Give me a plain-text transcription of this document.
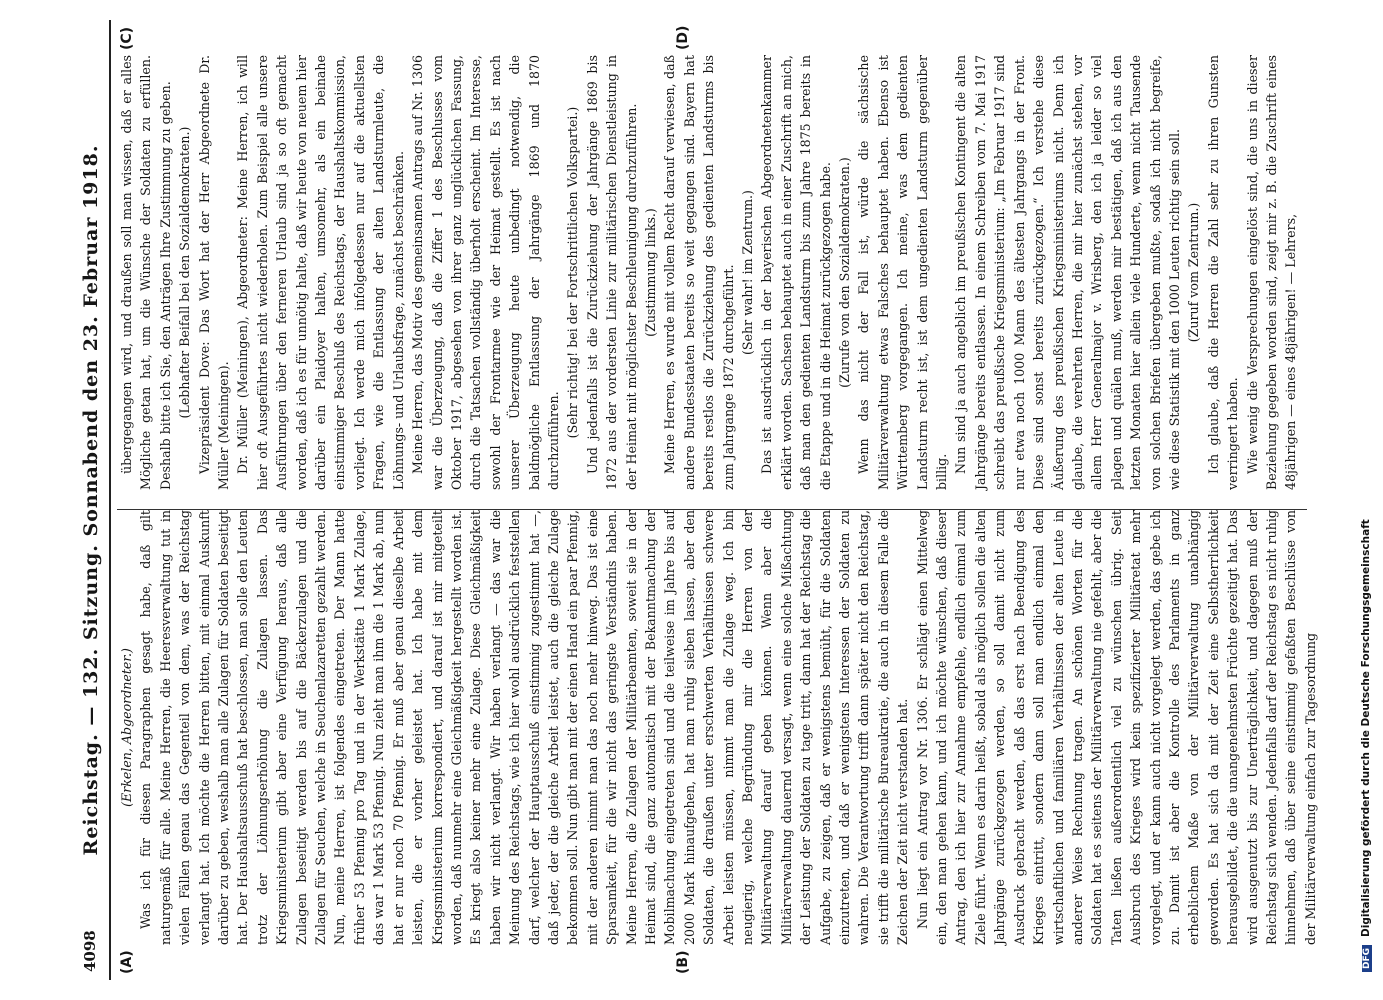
4098
Reichstag. — 132. Sitzung. Sonnabend den 23. Februar 1918.
(A)	(B)
(C)	(D)

(Erkelen, Abgeordneter.) Was ich für diesen Paragraphen gesagt habe, daß gilt naturgemäß für alle. Meine Herren, die Heeresverwaltung tut in vielen Fällen genau das Gegenteil von dem, was der Reichstag verlangt hat. Ich möchte die Herren bitten, mit einmal Auskunft darüber zu geben, weshalb man alle Zulagen für Soldaten beseitigt hat. Der Haushaltsausschuß hat beschlossen, man solle den Leuten trotz der Löhnungserhöhung die Zulagen lassen. Das Kriegsministerium gibt aber eine Verfügung heraus, daß alle Zulagen beseitigt werden bis auf die Bäckerzulagen und die Zulagen für Seuchen, welche in Seuchenlazaretten gezahlt werden. Nun, meine Herren, ist folgendes eingetreten. Der Mann hatte früher 53 Pfennig pro Tag und in der Werkstätte 1 Mark Zulage, das war 1 Mark 53 Pfennig. Nun zieht man ihm die 1 Mark ab, nun hat er nur noch 70 Pfennig. Er muß aber genau dieselbe Arbeit leisten, die er vorher geleistet hat. Ich habe mit dem Kriegsministerium korrespondiert, und darauf ist mir mitgeteilt worden, daß nunmehr eine Gleichmäßigkeit hergestellt worden ist. Es kriegt also keiner mehr eine Zulage. Diese Gleichmäßigkeit haben wir nicht verlangt. Wir haben verlangt — das war die Meinung des Reichstags, wie ich hier wohl ausdrücklich feststellen darf, welcher der Hauptausschuß einstimmig zugestimmt hat —, daß jeder, der die gleiche Arbeit leistet, auch die gleiche Zulage bekommen soll. Nun gibt man mit der einen Hand ein paar Pfennig, mit der anderen nimmt man das noch mehr hinweg. Das ist eine Sparsamkeit, für die wir nicht das geringste Verständnis haben. Meine Herren, die Zulagen der Militärbeamten, soweit sie in der Heimat sind, die ganz automatisch mit der Bekanntmachung der Mobilmachung eingetreten sind und die teilweise im Jahre bis auf 2000 Mark hinaufgehen, hat man ruhig sieben lassen, aber den Soldaten, die draußen unter erschwerten Verhältnissen schwere Arbeit leisten müssen, nimmt man die Zulage weg. Ich bin neugierig, welche Begründung mir die Herren von der Militärverwaltung darauf geben können. Wenn aber die Militärverwaltung dauernd versagt, wenn eine solche Mißachtung der Leistung der Soldaten zu tage tritt, dann hat der Reichstag die Aufgabe, zu zeigen, daß er wenigstens bemüht, für die Soldaten einzutreten, und daß er wenigstens Interessen der Soldaten zu wahren. Die Verantwortung trifft dann später nicht den Reichstag, sie trifft die militärische Bureaukratie, die auch in diesem Falle die Zeichen der Zeit nicht verstanden hat. Nun liegt ein Antrag vor Nr. 1306. Er schlägt einen Mittelweg ein, den man gehen kann, und ich möchte wünschen, daß dieser Antrag, den ich hier zur Annahme empfehle, endlich einmal zum Ziele führt. Wenn es darin heißt, sobald als möglich sollen die alten Jahrgänge zurückgezogen werden, so soll damit nicht zum Ausdruck gebracht werden, daß das erst nach Beendigung des Krieges eintritt, sondern dann soll man endlich einmal den wirtschaftlichen und familiären Verhältnissen der alten Leute in anderer Weise Rechnung tragen. An schönen Worten für die Soldaten hat es seitens der Militärverwaltung nie gefehlt, aber die Taten ließen außerordentlich viel zu wünschen übrig. Seit Ausbruch des Krieges wird kein spezifizierter Militäretat mehr vorgelegt, und er kann auch nicht vorgelegt werden, das gebe ich zu. Damit ist aber die Kontrolle des Parlaments in ganz erheblichem Maße von der Militärverwaltung unabhängig geworden. Es hat sich da mit der Zeit eine Selbstherrlichkeit herausgebildet, die die unangenehmsten Früchte gezeitigt hat. Das wird ausgenutzt bis zur Unerträglichkeit, und dagegen muß der Reichstag sich wenden. Jedenfalls darf der Reichstag es nicht ruhig hinnehmen, daß über seine einstimmig gefaßten Beschlüsse von der Militärverwaltung einfach zur Tagesordnung

übergegangen wird, und draußen soll man wissen, daß er alles Mögliche getan hat, um die Wünsche der Soldaten zu erfüllen. Deshalb bitte ich Sie, den Anträgen Ihre Zustimmung zu geben. (Lebhafter Beifall bei den Sozialdemokraten.) Vizepräsident Dove: Das Wort hat der Herr Abgeordnete Dr. Müller (Meiningen). Dr. Müller (Meiningen), Abgeordneter: Meine Herren, ich will hier oft Ausgeführtes nicht wiederholen. Zum Beispiel alle unsere Ausführungen über den ferneren Urlaub sind ja so oft gemacht worden, daß ich es für unnötig halte, daß wir heute von neuem hier darüber ein Plaidoyer halten, umsomehr, als ein beinahe einstimmiger Beschluß des Reichstags, der Haushaltskommission, vorliegt. Ich werde mich infolgedessen nur auf die aktuellsten Fragen, wie die Entlassung der alten Landsturmleute, die Löhnungs- und Urlaubsfrage, zunächst beschränken. Meine Herren, das Motiv des gemeinsamen Antrags auf Nr. 1306 war die Überzeugung, daß die Ziffer 1 des Beschlusses vom Oktober 1917, abgesehen von ihrer ganz unglücklichen Fassung, durch die Tatsachen vollständig überholt erscheint. Im Interesse, sowohl der Frontarmee wie der Heimat gestellt. Es ist nach unserer Überzeugung heute unbedingt notwendig, die baldmögliche Entlassung der Jahrgänge 1869 und 1870 durchzuführen.

(Sehr richtig! bei der Fortschrittlichen Volkspartei.) Und jedenfalls ist die Zurückziehung der Jahrgänge 1869 bis 1872 aus der vordersten Linie zur militärischen Dienstleistung in der Heimat mit möglichster Beschleunigung durchzuführen. (Zustimmung links.) Meine Herren, es wurde mit vollem Recht darauf verwiesen, daß andere Bundesstaaten bereits so weit gegangen sind. Bayern hat bereits restlos die Zurückziehung des gedienten Landsturms bis zum Jahrgange 1872 durchgeführt. (Sehr wahr! im Zentrum.) Das ist ausdrücklich in der bayerischen Abgeordnetenkammer erklärt worden. Sachsen behauptet auch in einer Zuschrift an mich, daß man den gedienten Landsturm bis zum Jahre 1875 bereits in die Etappe und in die Heimat zurückgezogen habe. (Zurufe von den Sozialdemokraten.) Wenn das nicht der Fall ist, würde die sächsische Militärverwaltung etwas Falsches behauptet haben. Ebenso ist Württemberg vorgegangen. Ich meine, was dem gedienten Landsturm recht ist, ist dem ungedienten Landsturm gegenüber billig. Nun sind ja auch angeblich im preußischen Kontingent die alten Jahrgänge bereits entlassen. In einem Schreiben vom 7. Mai 1917 schreibt das preußische Kriegsministerium: „Im Februar 1917 sind nur etwa noch 1000 Mann des ältesten Jahrgangs in der Front. Diese sind sonst bereits zurückgezogen.“ Ich verstehe diese Äußerung des preußischen Kriegsministeriums nicht. Denn ich glaube, die verehrten Herren, die mir hier zunächst stehen, vor allem Herr Generalmajor v. Wrisberg, den ich ja leider so viel plagen und quälen muß, werden mir bestätigen, daß ich aus den letzten Monaten hier allein viele Hunderte, wenn nicht Tausende von solchen Briefen übergeben mußte, sodaß ich nicht begreife, wie diese Statistik mit den 1000 Leuten richtig sein soll. (Zuruf vom Zentrum.) Ich glaube, daß die Herren die Zahl sehr zu ihren Gunsten verringert haben. Wie wenig die Versprechungen eingelöst sind, die uns in dieser Beziehung gegeben worden sind, zeigt mir z. B. die Zuschrift eines 48jährigen — eines 48jährigen! — Lehrers,

DFGDigitalisierung gefördert durch die Deutsche Forschungsgemeinschaft
